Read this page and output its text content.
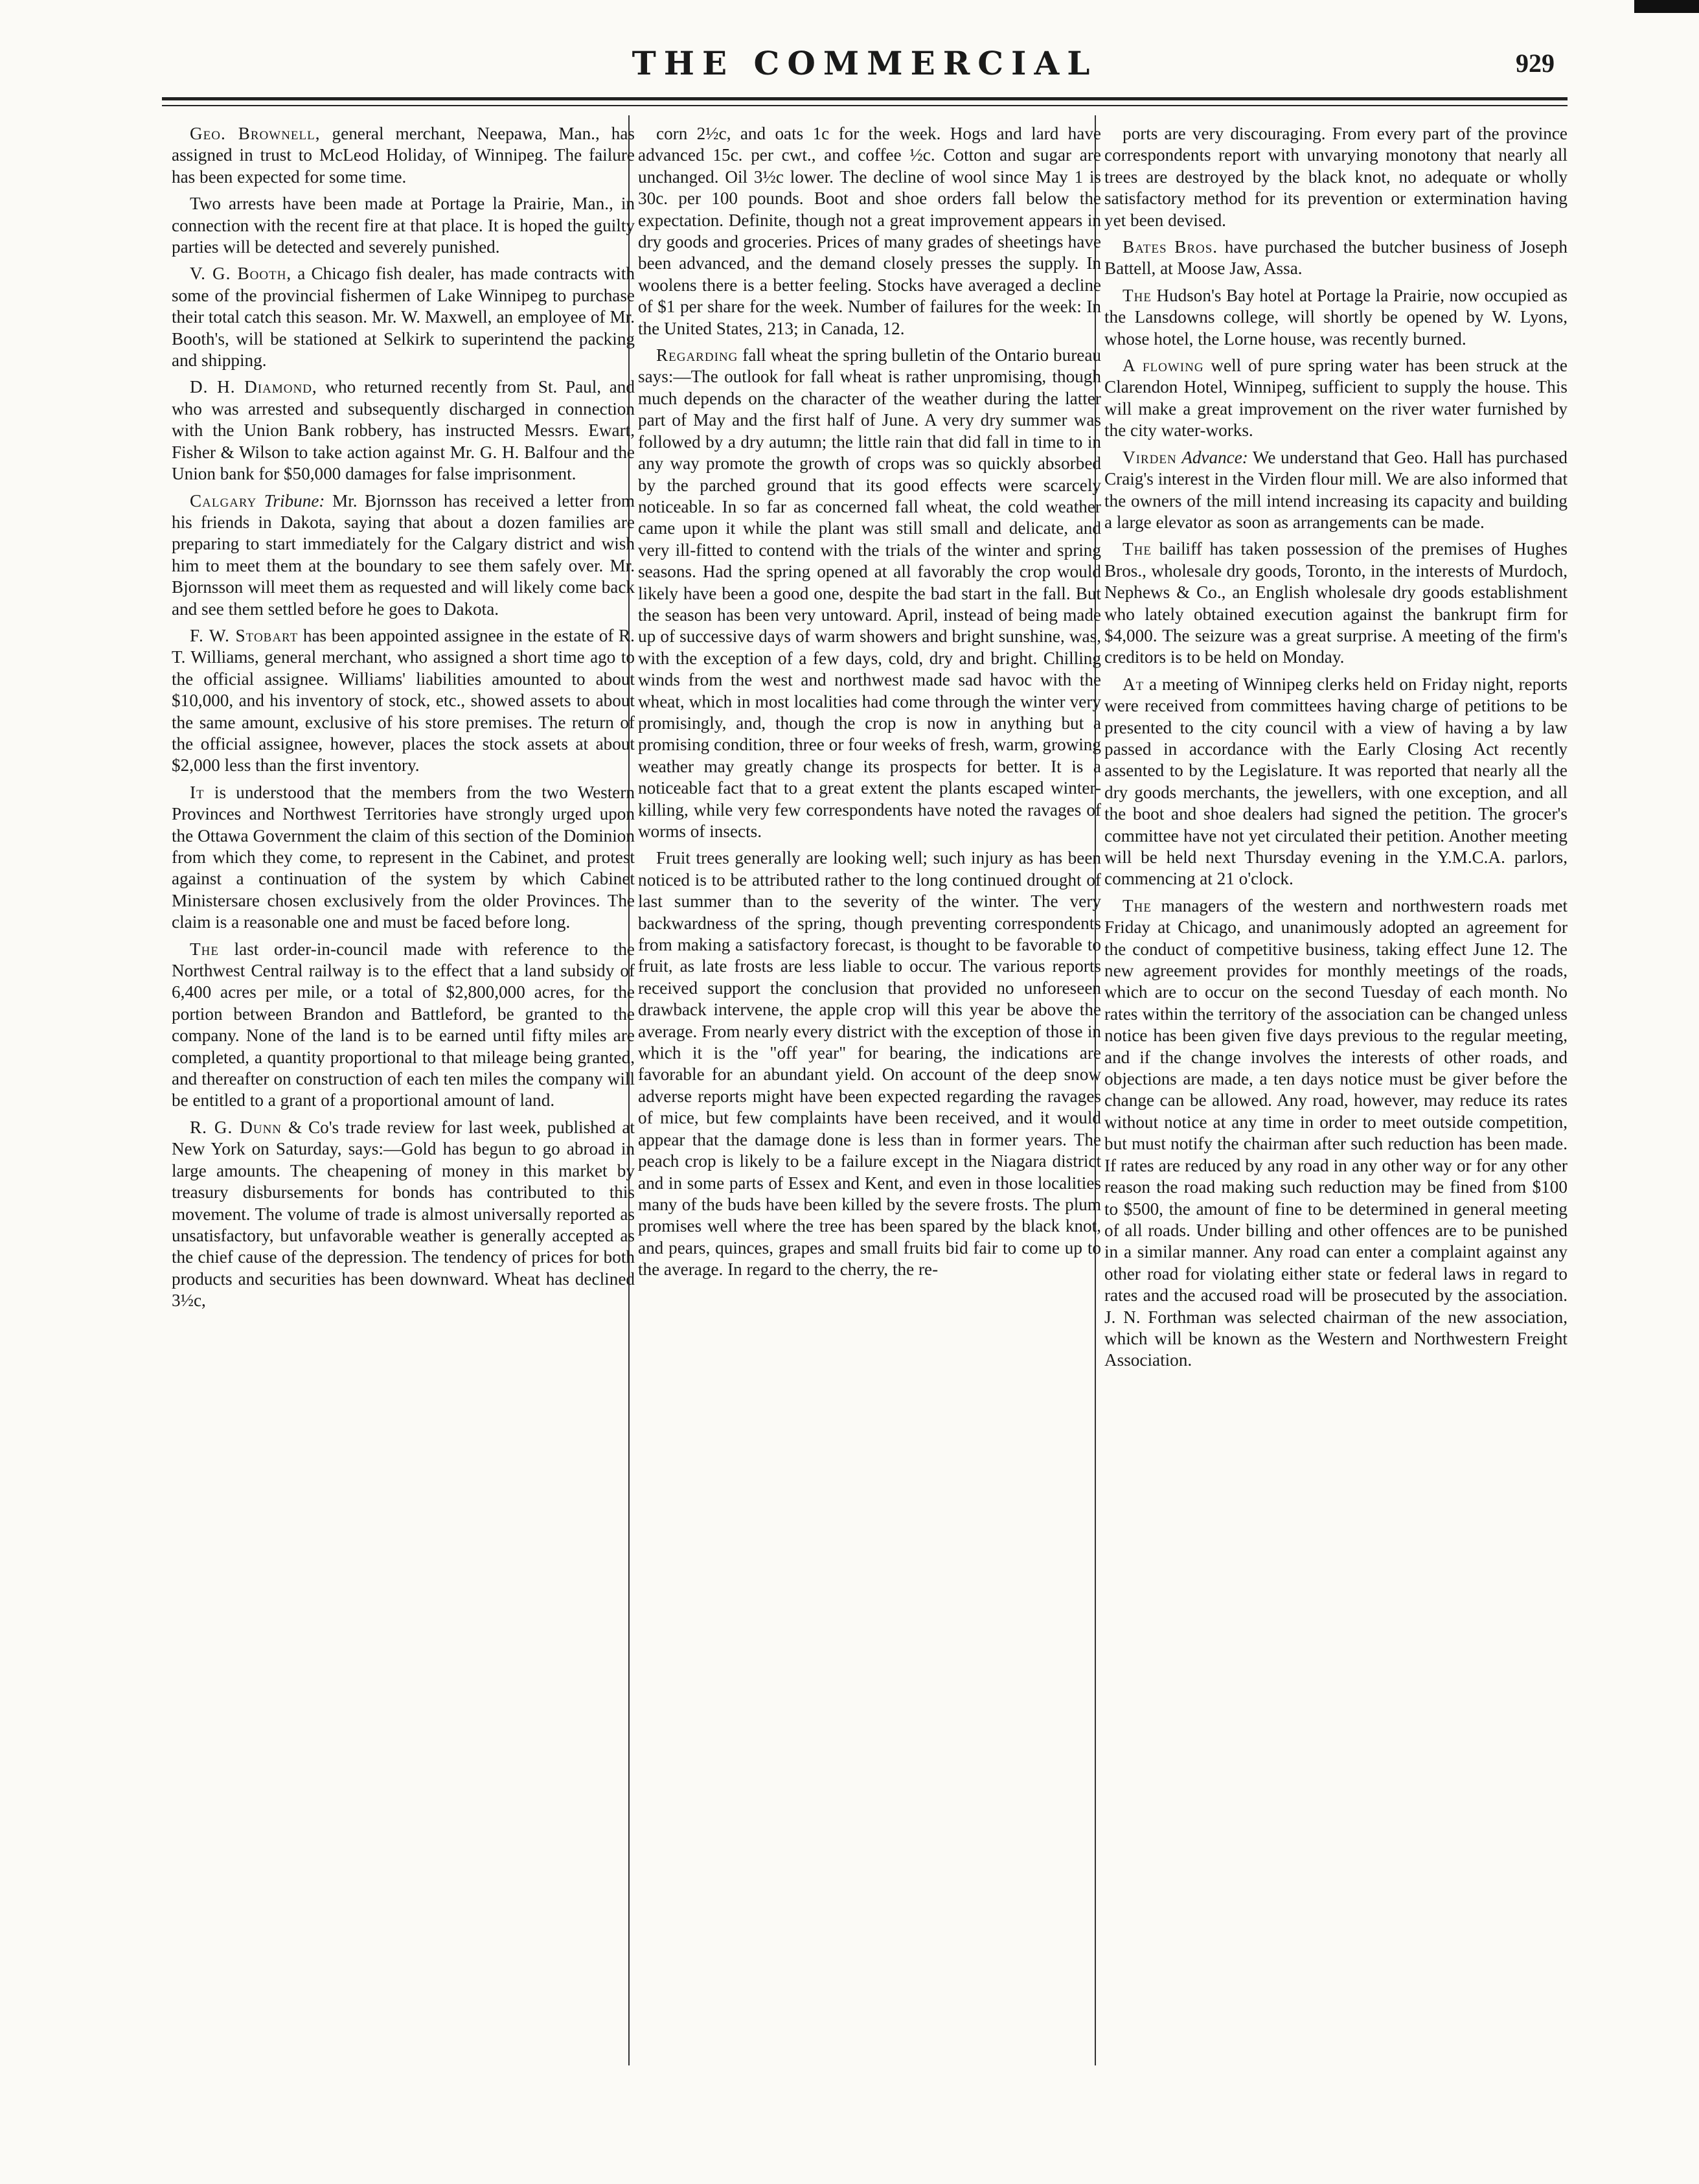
THE COMMERCIAL	929

Geo. Brownell, general merchant, Neepawa, Man., has assigned in trust to McLeod Holiday, of Winnipeg. The failure has been expected for some time.

Two arrests have been made at Portage la Prairie, Man., in connection with the recent fire at that place. It is hoped the guilty parties will be detected and severely punished.

V. G. Booth, a Chicago fish dealer, has made contracts with some of the provincial fishermen of Lake Winnipeg to purchase their total catch this season. Mr. W. Maxwell, an employee of Mr. Booth's, will be stationed at Selkirk to superintend the packing and shipping.

D. H. Diamond, who returned recently from St. Paul, and who was arrested and subsequently discharged in connection with the Union Bank robbery, has instructed Messrs. Ewart, Fisher & Wilson to take action against Mr. G. H. Balfour and the Union bank for $50,000 damages for false imprisonment.

Calgary Tribune: Mr. Bjornsson has received a letter from his friends in Dakota, saying that about a dozen families are preparing to start immediately for the Calgary district and wish him to meet them at the boundary to see them safely over. Mr. Bjornsson will meet them as requested and will likely come back and see them settled before he goes to Dakota.

F. W. Stobart has been appointed assignee in the estate of R. T. Williams, general merchant, who assigned a short time ago to the official assignee. Williams' liabilities amounted to about $10,000, and his inventory of stock, etc., showed assets to about the same amount, exclusive of his store premises. The return of the official assignee, however, places the stock assets at about $2,000 less than the first inventory.

It is understood that the members from the two Western Provinces and Northwest Territories have strongly urged upon the Ottawa Government the claim of this section of the Dominion from which they come, to represent in the Cabinet, and protest against a continuation of the system by which Cabinet Ministersare chosen exclusively from the older Provinces. The claim is a reasonable one and must be faced before long.

The last order-in-council made with reference to the Northwest Central railway is to the effect that a land subsidy of 6,400 acres per mile, or a total of $2,800,000 acres, for the portion between Brandon and Battleford, be granted to the company. None of the land is to be earned until fifty miles are completed, a quantity proportional to that mileage being granted, and thereafter on construction of each ten miles the company will be entitled to a grant of a proportional amount of land.

R. G. Dunn & Co's trade review for last week, published at New York on Saturday, says:—Gold has begun to go abroad in large amounts. The cheapening of money in this market by treasury disbursements for bonds has contributed to this movement. The volume of trade is almost universally reported as unsatisfactory, but unfavorable weather is generally accepted as the chief cause of the depression. The tendency of prices for both products and securities has been downward. Wheat has declined 3½c,

corn 2½c, and oats 1c for the week. Hogs and lard have advanced 15c. per cwt., and coffee ½c. Cotton and sugar are unchanged. Oil 3½c lower. The decline of wool since May 1 is 30c. per 100 pounds. Boot and shoe orders fall below the expectation. Definite, though not a great improvement appears in dry goods and groceries. Prices of many grades of sheetings have been advanced, and the demand closely presses the supply. In woolens there is a better feeling. Stocks have averaged a decline of $1 per share for the week. Number of failures for the week: In the United States, 213; in Canada, 12.

Regarding fall wheat the spring bulletin of the Ontario bureau says:—The outlook for fall wheat is rather unpromising, though much depends on the character of the weather during the latter part of May and the first half of June. A very dry summer was followed by a dry autumn; the little rain that did fall in time to in any way promote the growth of crops was so quickly absorbed by the parched ground that its good effects were scarcely noticeable. In so far as concerned fall wheat, the cold weather came upon it while the plant was still small and delicate, and very ill-fitted to contend with the trials of the winter and spring seasons. Had the spring opened at all favorably the crop would likely have been a good one, despite the bad start in the fall. But the season has been very untoward. April, instead of being made up of successive days of warm showers and bright sunshine, was, with the exception of a few days, cold, dry and bright. Chilling winds from the west and northwest made sad havoc with the wheat, which in most localities had come through the winter very promisingly, and, though the crop is now in anything but a promising condition, three or four weeks of fresh, warm, growing weather may greatly change its prospects for better. It is a noticeable fact that to a great extent the plants escaped winter-killing, while very few correspondents have noted the ravages of worms of insects.

Fruit trees generally are looking well; such injury as has been noticed is to be attributed rather to the long continued drought of last summer than to the severity of the winter. The very backwardness of the spring, though preventing correspondents from making a satisfactory forecast, is thought to be favorable to fruit, as late frosts are less liable to occur. The various reports received support the conclusion that provided no unforeseen drawback intervene, the apple crop will this year be above the average. From nearly every district with the exception of those in which it is the "off year" for bearing, the indications are favorable for an abundant yield. On account of the deep snow adverse reports might have been expected regarding the ravages of mice, but few complaints have been received, and it would appear that the damage done is less than in former years. The peach crop is likely to be a failure except in the Niagara district and in some parts of Essex and Kent, and even in those localities many of the buds have been killed by the severe frosts. The plum promises well where the tree has been spared by the black knot, and pears, quinces, grapes and small fruits bid fair to come up to the average. In regard to the cherry, the re-

ports are very discouraging. From every part of the province correspondents report with unvarying monotony that nearly all trees are destroyed by the black knot, no adequate or wholly satisfactory method for its prevention or extermination having yet been devised.

Bates Bros. have purchased the butcher business of Joseph Battell, at Moose Jaw, Assa.

The Hudson's Bay hotel at Portage la Prairie, now occupied as the Lansdowns college, will shortly be opened by W. Lyons, whose hotel, the Lorne house, was recently burned.

A flowing well of pure spring water has been struck at the Clarendon Hotel, Winnipeg, sufficient to supply the house. This will make a great improvement on the river water furnished by the city water-works.

Virden Advance: We understand that Geo. Hall has purchased Craig's interest in the Virden flour mill. We are also informed that the owners of the mill intend increasing its capacity and building a large elevator as soon as arrangements can be made.

The bailiff has taken possession of the premises of Hughes Bros., wholesale dry goods, Toronto, in the interests of Murdoch, Nephews & Co., an English wholesale dry goods establishment who lately obtained execution against the bankrupt firm for $4,000. The seizure was a great surprise. A meeting of the firm's creditors is to be held on Monday.

At a meeting of Winnipeg clerks held on Friday night, reports were received from committees having charge of petitions to be presented to the city council with a view of having a by law passed in accordance with the Early Closing Act recently assented to by the Legislature. It was reported that nearly all the dry goods merchants, the jewellers, with one exception, and all the boot and shoe dealers had signed the petition. The grocer's committee have not yet circulated their petition. Another meeting will be held next Thursday evening in the Y.M.C.A. parlors, commencing at 21 o'clock.

The managers of the western and northwestern roads met Friday at Chicago, and unanimously adopted an agreement for the conduct of competitive business, taking effect June 12. The new agreement provides for monthly meetings of the roads, which are to occur on the second Tuesday of each month. No rates within the territory of the association can be changed unless notice has been given five days previous to the regular meeting, and if the change involves the interests of other roads, and objections are made, a ten days notice must be giver before the change can be allowed. Any road, however, may reduce its rates without notice at any time in order to meet outside competition, but must notify the chairman after such reduction has been made. If rates are reduced by any road in any other way or for any other reason the road making such reduction may be fined from $100 to $500, the amount of fine to be determined in general meeting of all roads. Under billing and other offences are to be punished in a similar manner. Any road can enter a complaint against any other road for violating either state or federal laws in regard to rates and the accused road will be prosecuted by the association. J. N. Forthman was selected chairman of the new association, which will be known as the Western and Northwestern Freight Association.
